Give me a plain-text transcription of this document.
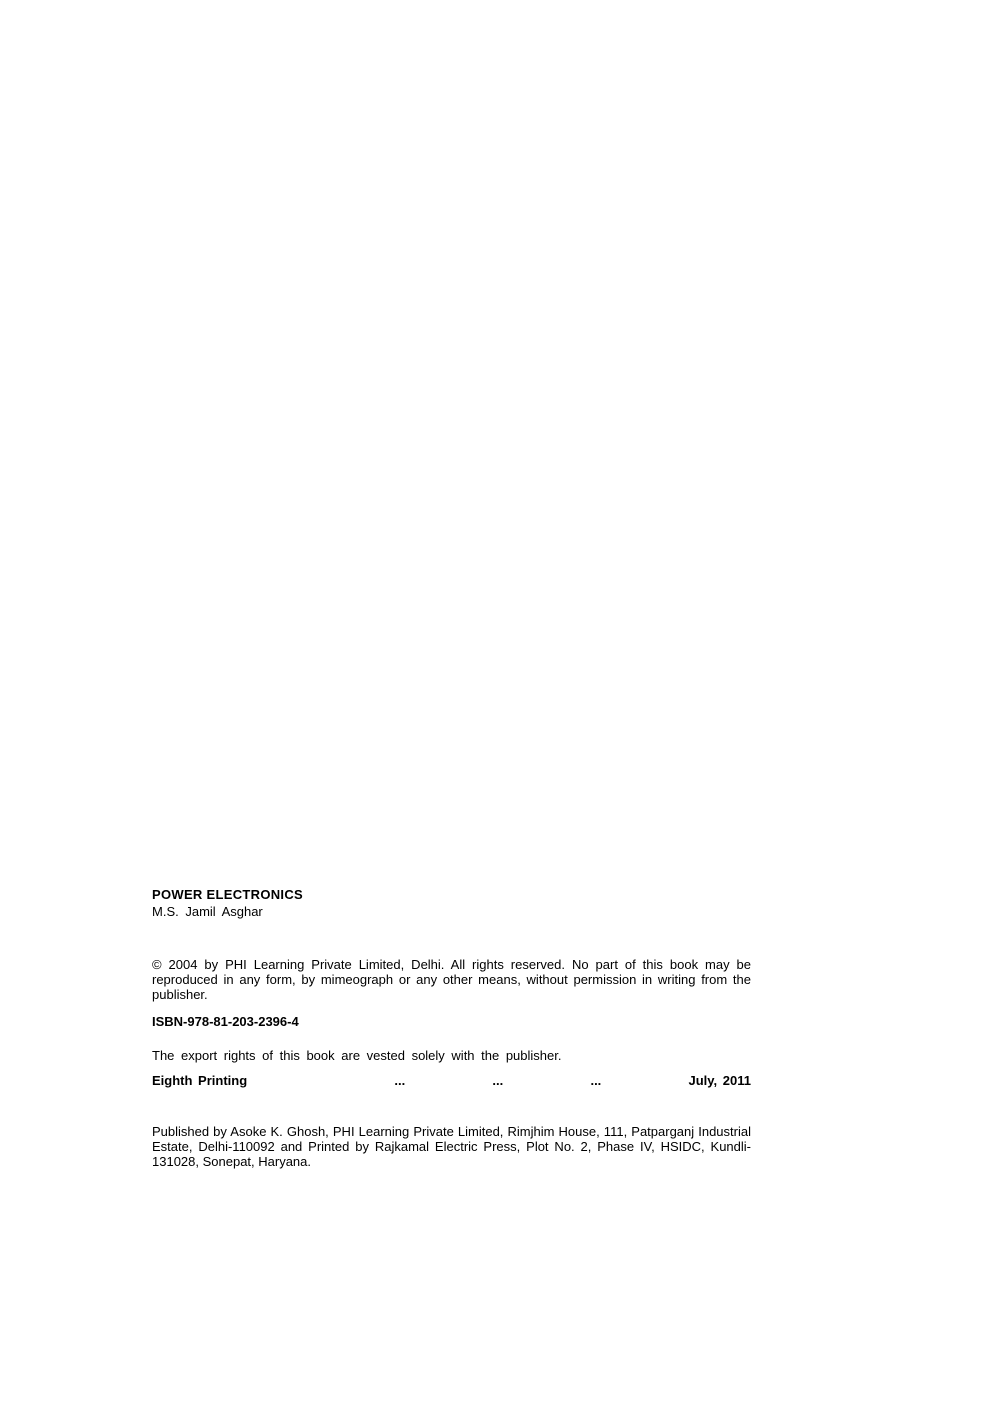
POWER ELECTRONICS

M.S. Jamil Asghar

© 2004 by PHI Learning Private Limited, Delhi. All rights reserved. No part of this book may be reproduced in any form, by mimeograph or any other means, without permission in writing from the publisher.

ISBN-978-81-203-2396-4

The export rights of this book are vested solely with the publisher.

Eighth Printing	...	...	...	July, 2011

Published by Asoke K. Ghosh, PHI Learning Private Limited, Rimjhim House, 111, Patparganj Industrial Estate, Delhi-110092 and Printed by Rajkamal Electric Press, Plot No. 2, Phase IV, HSIDC, Kundli-131028, Sonepat, Haryana.
